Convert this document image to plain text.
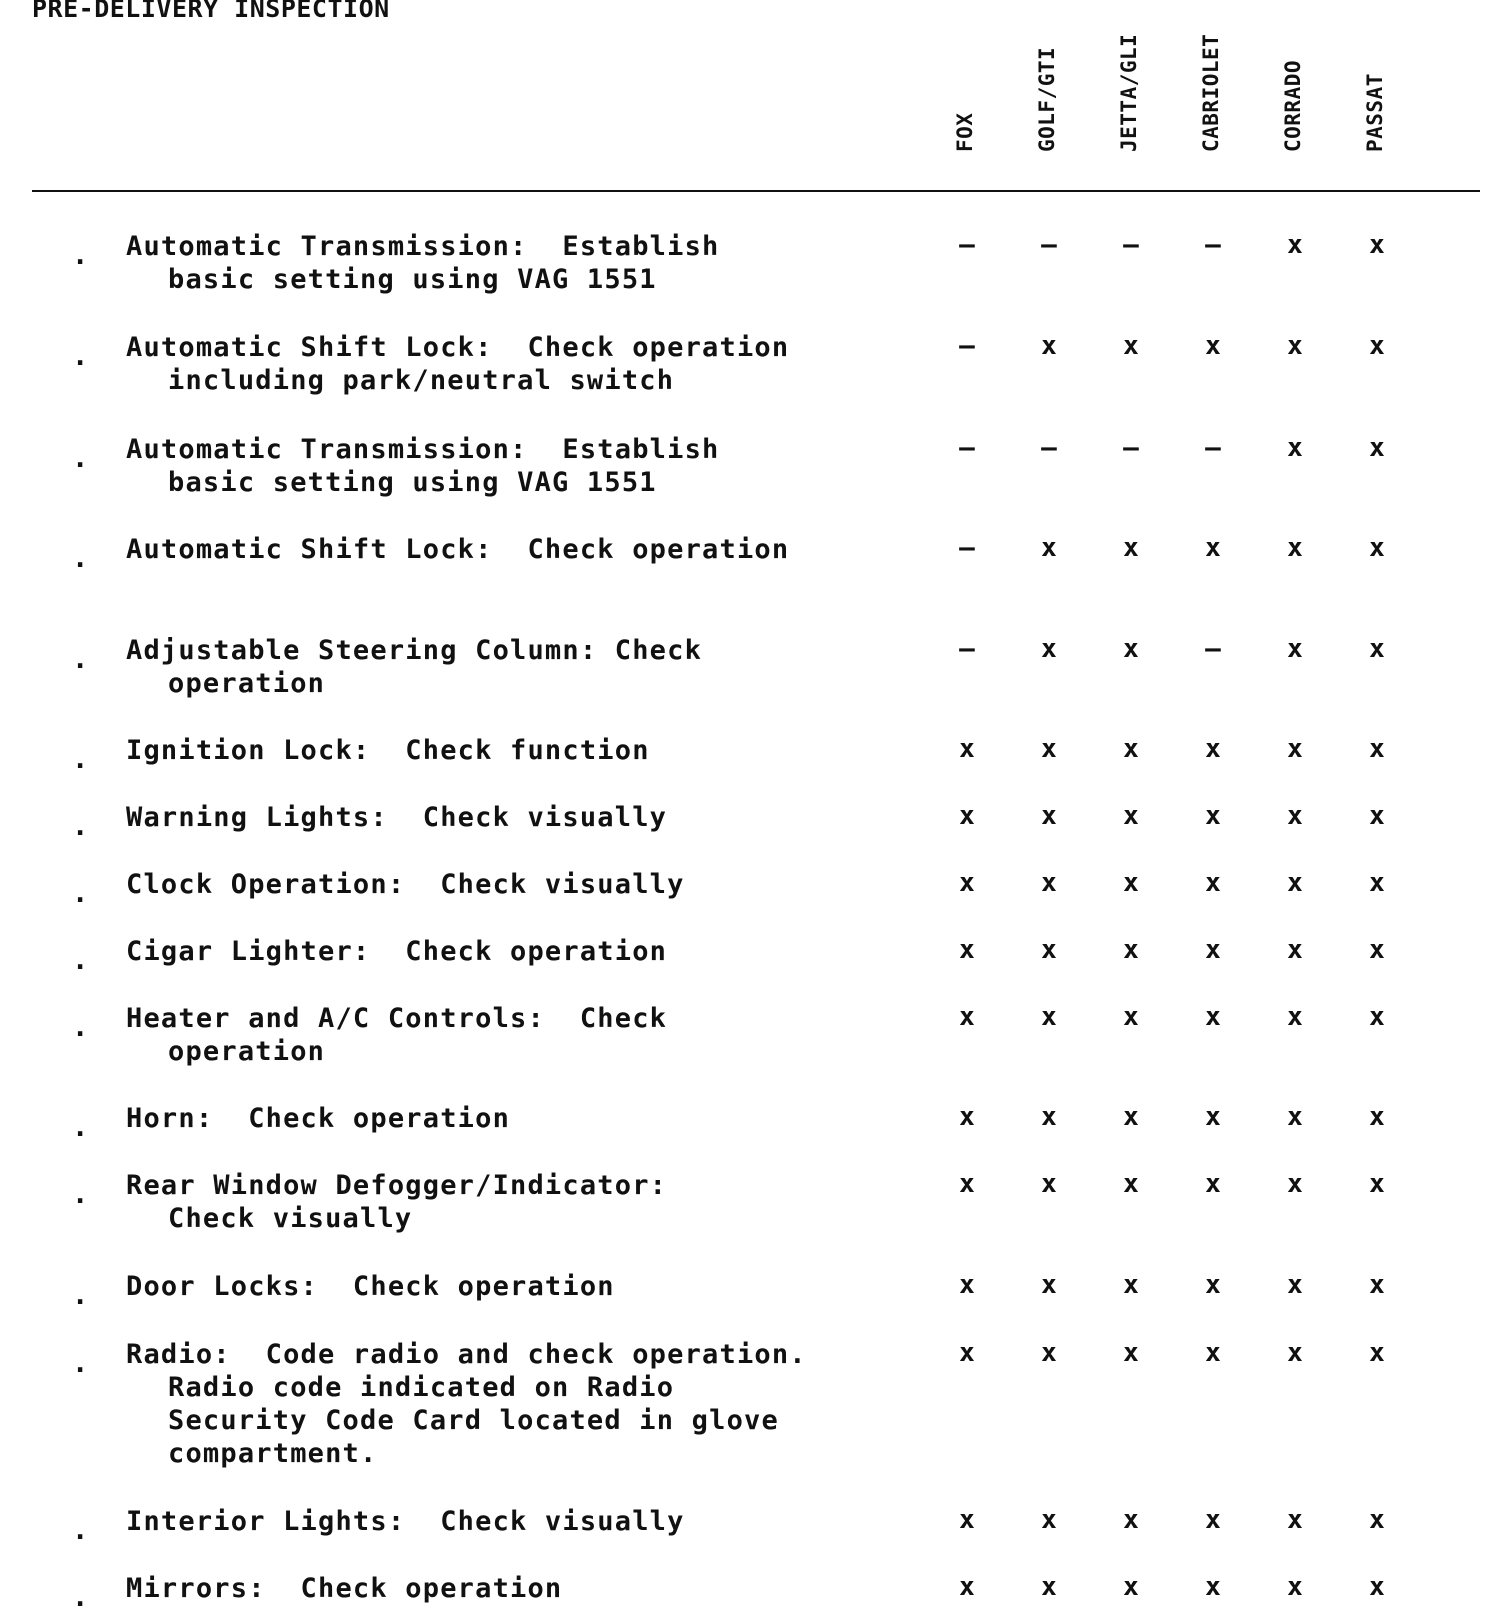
PRE-DELIVERY INSPECTION
FOX	GOLF/GTI	JETTA/GLI	CABRIOLET	CORRADO	PASSAT
. Automatic Transmission:  Establish
basic setting using VAG 1551
–	–	–	–	x	x
. Automatic Shift Lock:  Check operation
including park/neutral switch
–	x	x	x	x	x
. Automatic Transmission:  Establish
basic setting using VAG 1551
–	–	–	–	x	x
. Automatic Shift Lock:  Check operation	–	x	x	x	x	x
. Adjustable Steering Column: Check
operation
–	x	x	–	x	x
. Ignition Lock:  Check function	x	x	x	x	x	x
. Warning Lights:  Check visually	x	x	x	x	x	x
. Clock Operation:  Check visually	x	x	x	x	x	x
. Cigar Lighter:  Check operation	x	x	x	x	x	x
. Heater and A/C Controls:  Check
operation
x	x	x	x	x	x
. Horn:  Check operation	x	x	x	x	x	x
. Rear Window Defogger/Indicator:
Check visually
x	x	x	x	x	x
. Door Locks:  Check operation	x	x	x	x	x	x
. Radio:  Code radio and check operation.
Radio code indicated on Radio
Security Code Card located in glove
compartment.
x	x	x	x	x	x
. Interior Lights:  Check visually	x	x	x	x	x	x
. Mirrors:  Check operation	x	x	x	x	x	x
